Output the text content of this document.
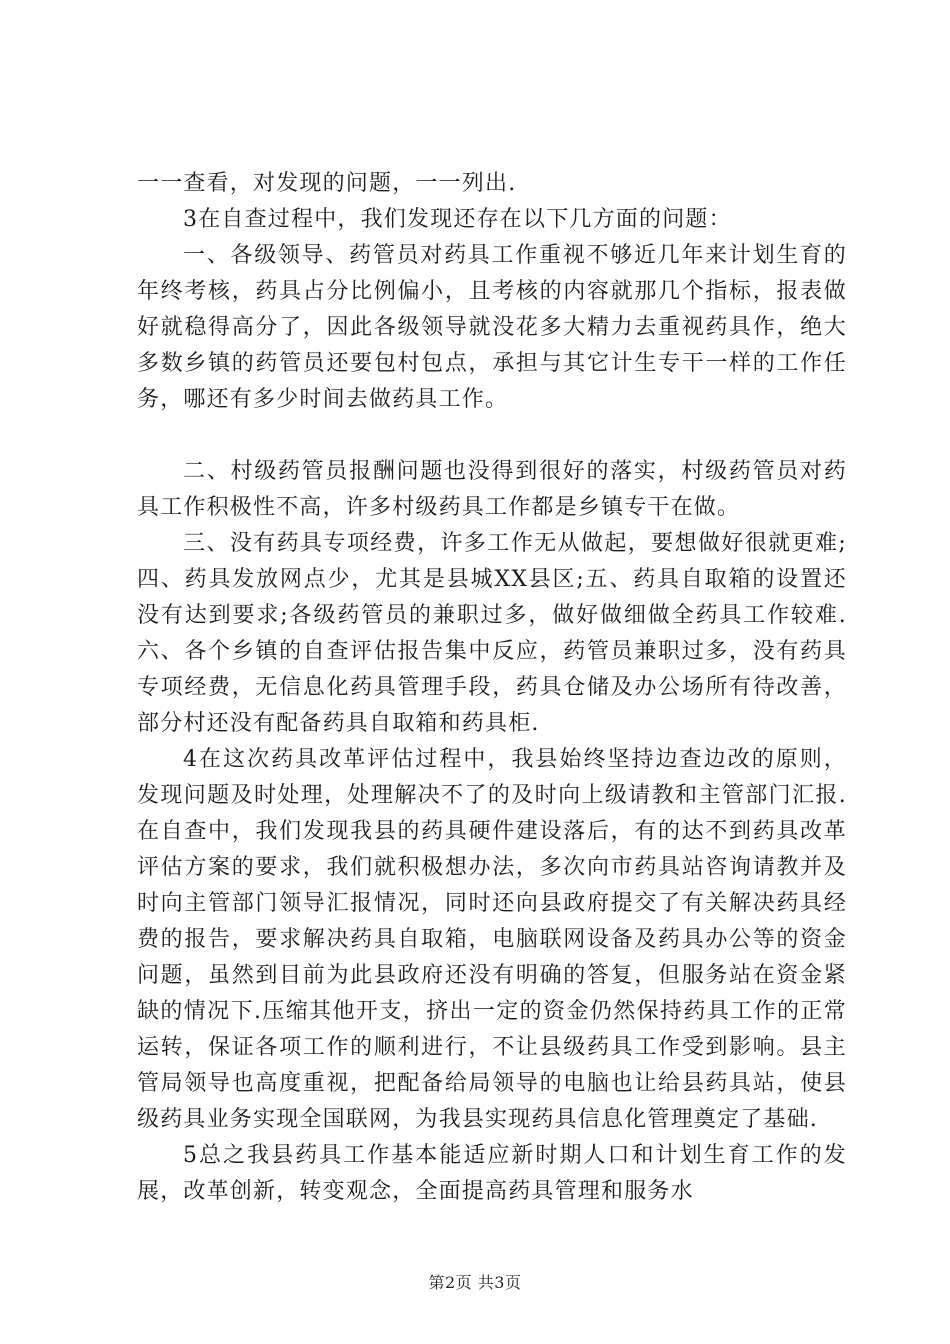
一一查看，对发现的问题，一一列出.

3在自查过程中，我们发现还存在以下几方面的问题：

一、各级领导、药管员对药具工作重视不够近几年来计划生育的年终考核，药具占分比例偏小，且考核的内容就那几个指标，报表做好就稳得高分了，因此各级领导就没花多大精力去重视药具作，绝大多数乡镇的药管员还要包村包点，承担与其它计生专干一样的工作任务，哪还有多少时间去做药具工作。

二、村级药管员报酬问题也没得到很好的落实，村级药管员对药具工作积极性不高，许多村级药具工作都是乡镇专干在做。

三、没有药具专项经费，许多工作无从做起，要想做好很就更难;四、药具发放网点少，尤其是县城XX县区;五、药具自取箱的设置还没有达到要求;各级药管员的兼职过多，做好做细做全药具工作较难.六、各个乡镇的自查评估报告集中反应，药管员兼职过多，没有药具专项经费，无信息化药具管理手段，药具仓储及办公场所有待改善，部分村还没有配备药具自取箱和药具柜.

4在这次药具改革评估过程中，我县始终坚持边查边改的原则，发现问题及时处理，处理解决不了的及时向上级请教和主管部门汇报.在自查中，我们发现我县的药具硬件建设落后，有的达不到药具改革评估方案的要求，我们就积极想办法，多次向市药具站咨询请教并及时向主管部门领导汇报情况，同时还向县政府提交了有关解决药具经费的报告，要求解决药具自取箱，电脑联网设备及药具办公等的资金问题，虽然到目前为此县政府还没有明确的答复，但服务站在资金紧缺的情况下.压缩其他开支，挤出一定的资金仍然保持药具工作的正常运转，保证各项工作的顺利进行，不让县级药具工作受到影响。县主管局领导也高度重视，把配备给局领导的电脑也让给县药具站，使县级药具业务实现全国联网，为我县实现药具信息化管理奠定了基础.

5总之我县药具工作基本能适应新时期人口和计划生育工作的发展，改革创新，转变观念，全面提高药具管理和服务水

第2页 共3页
